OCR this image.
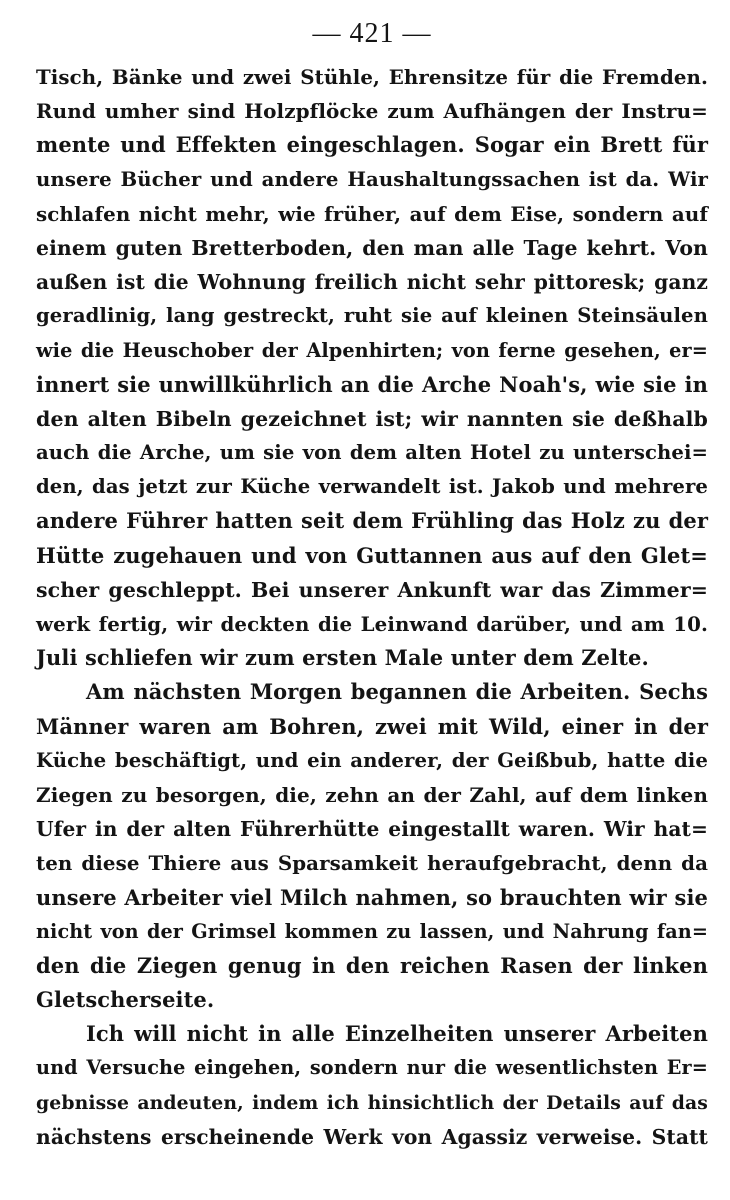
— 421 —
Tisch, Bänke und zwei Stühle, Ehrensitze für die Fremden.
Rund umher sind Holzpflöcke zum Aufhängen der Instru=
mente und Effekten eingeschlagen. Sogar ein Brett für
unsere Bücher und andere Haushaltungssachen ist da. Wir
schlafen nicht mehr, wie früher, auf dem Eise, sondern auf
einem guten Bretterboden, den man alle Tage kehrt. Von
außen ist die Wohnung freilich nicht sehr pittoresk; ganz
geradlinig, lang gestreckt, ruht sie auf kleinen Steinsäulen
wie die Heuschober der Alpenhirten; von ferne gesehen, er=
innert sie unwillkührlich an die Arche Noah's, wie sie in
den alten Bibeln gezeichnet ist; wir nannten sie deßhalb
auch die Arche, um sie von dem alten Hotel zu unterschei=
den, das jetzt zur Küche verwandelt ist. Jakob und mehrere
andere Führer hatten seit dem Frühling das Holz zu der
Hütte zugehauen und von Guttannen aus auf den Glet=
scher geschleppt. Bei unserer Ankunft war das Zimmer=
werk fertig, wir deckten die Leinwand darüber, und am 10.
Juli schliefen wir zum ersten Male unter dem Zelte.
Am nächsten Morgen begannen die Arbeiten. Sechs
Männer waren am Bohren, zwei mit Wild, einer in der
Küche beschäftigt, und ein anderer, der Geißbub, hatte die
Ziegen zu besorgen, die, zehn an der Zahl, auf dem linken
Ufer in der alten Führerhütte eingestallt waren. Wir hat=
ten diese Thiere aus Sparsamkeit heraufgebracht, denn da
unsere Arbeiter viel Milch nahmen, so brauchten wir sie
nicht von der Grimsel kommen zu lassen, und Nahrung fan=
den die Ziegen genug in den reichen Rasen der linken
Gletscherseite.
Ich will nicht in alle Einzelheiten unserer Arbeiten
und Versuche eingehen, sondern nur die wesentlichsten Er=
gebnisse andeuten, indem ich hinsichtlich der Details auf das
nächstens erscheinende Werk von Agassiz verweise. Statt
